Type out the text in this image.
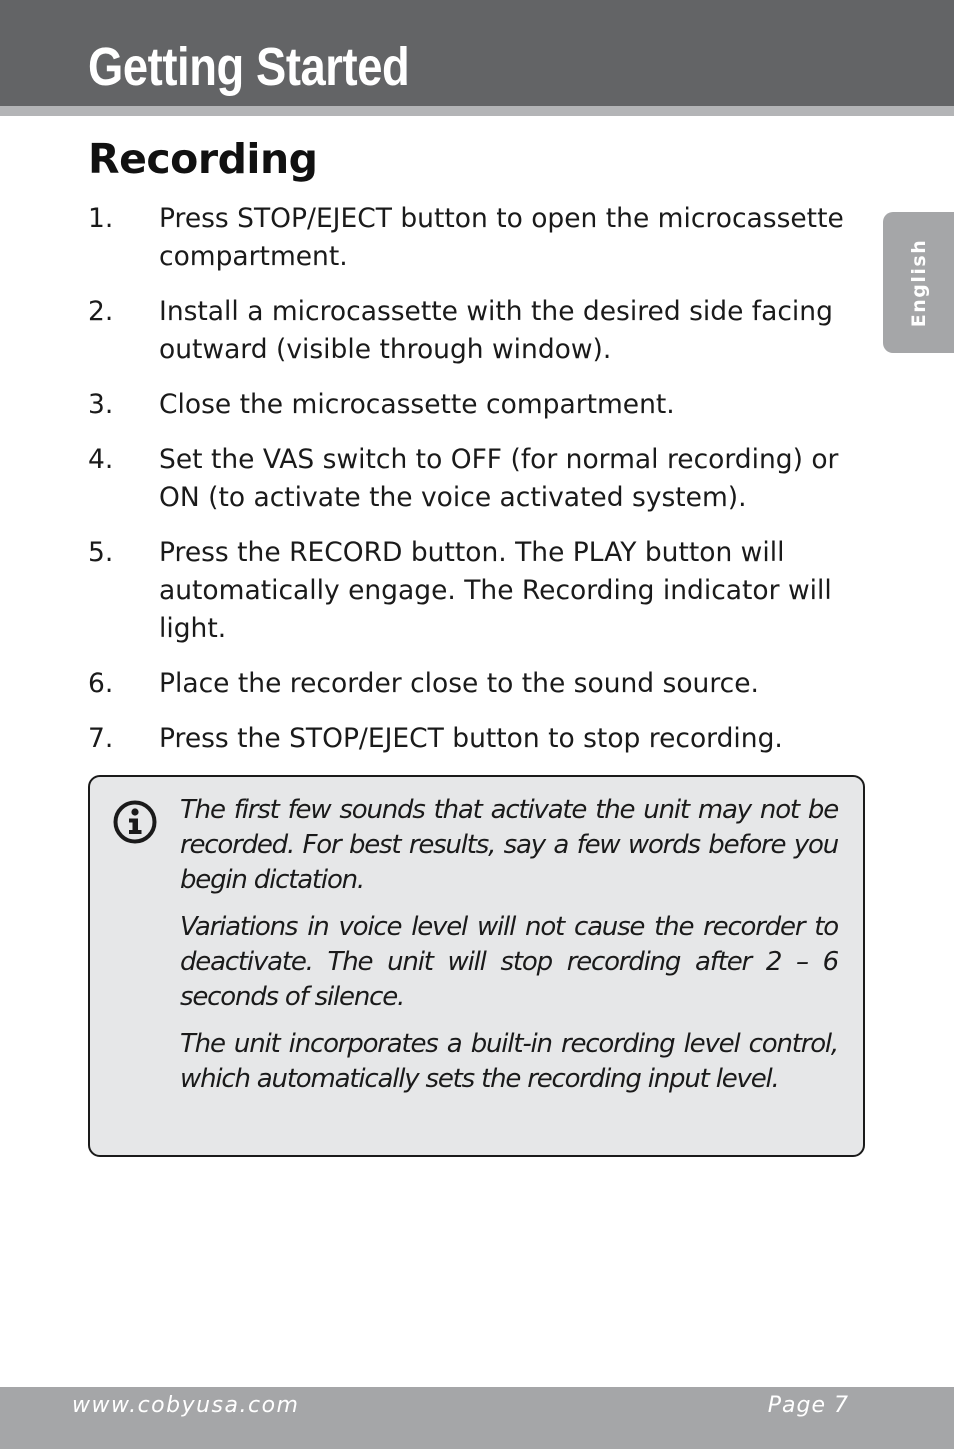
Getting Started
English
Recording
1.	Press STOP/EJECT button to open the microcassette compartment.
2.	Install a microcassette with the desired side facing outward (visible through window).
3.	Close the microcassette compartment.
4.	Set the VAS switch to OFF (for normal recording) or ON (to activate the voice activated system).
5.	Press the RECORD button. The PLAY button will automatically engage. The Recording indicator will light.
6.	Place the recorder close to the sound source.
7.	Press the STOP/EJECT button to stop recording.

The first few sounds that activate the unit may not be recorded. For best results, say a few words before you begin dictation.

Variations in voice level will not cause the recorder to deactivate. The unit will stop recording after 2 – 6 seconds of silence.

The unit incorporates a built-in recording level control, which automatically sets the recording input level.

www.cobyusa.com	Page 7
